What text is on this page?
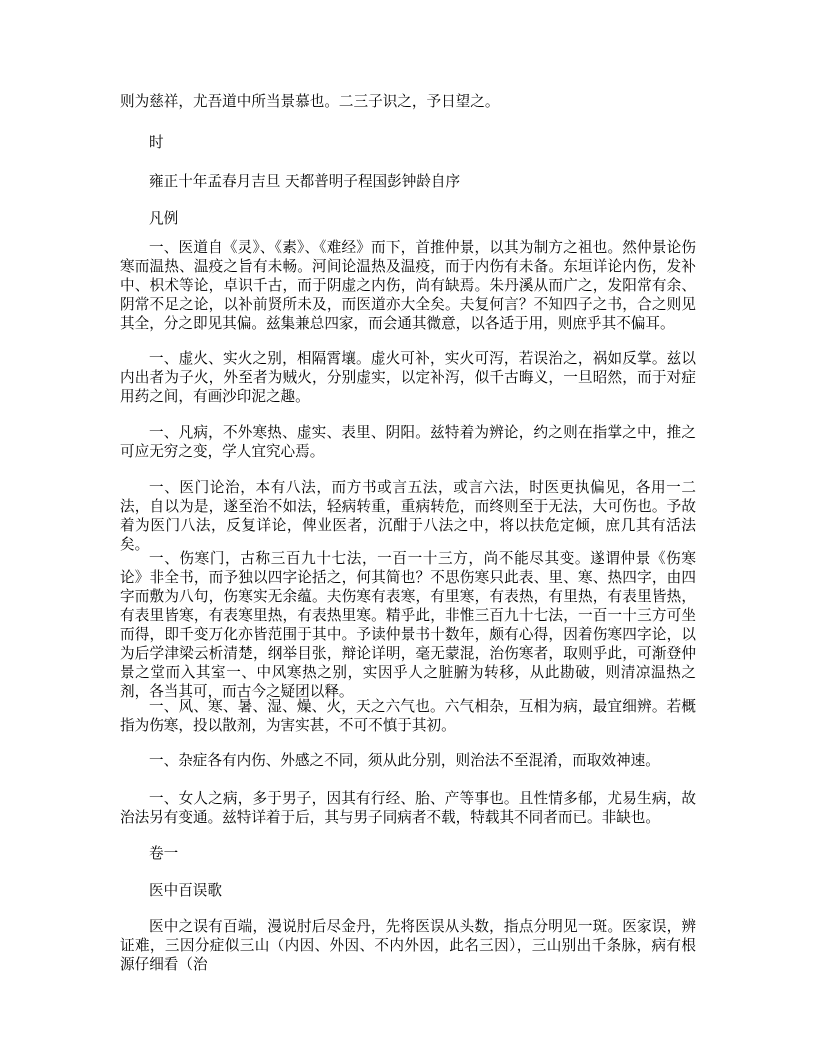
则为慈祥，尤吾道中所当景慕也。二三子识之，予日望之。

时

雍正十年孟春月吉旦 天都普明子程国彭钟龄自序

凡例

一、医道自《灵》、《素》、《难经》而下，首推仲景，以其为制方之祖也。然仲景论伤寒而温热、温疫之旨有未畅。河间论温热及温疫，而于内伤有未备。东垣详论内伤，发补中、枳术等论，卓识千古，而于阴虚之内伤，尚有缺焉。朱丹溪从而广之，发阳常有余、阴常不足之论，以补前贤所未及，而医道亦大全矣。夫复何言？不知四子之书，合之则见其全，分之即见其偏。兹集兼总四家，而会通其微意，以各适于用，则庶乎其不偏耳。

一、虚火、实火之别，相隔霄壤。虚火可补，实火可泻，若误治之，祸如反掌。兹以内出者为子火，外至者为贼火，分别虚实，以定补泻，似千古晦义，一旦昭然，而于对症用药之间，有画沙印泥之趣。

一、凡病，不外寒热、虚实、表里、阴阳。兹特着为辨论，约之则在指掌之中，推之可应无穷之变，学人宜究心焉。

一、医门论治，本有八法，而方书或言五法，或言六法，时医更执偏见，各用一二法，自以为是，遂至治不如法，轻病转重，重病转危，而终则至于无法，大可伤也。予故着为医门八法，反复详论，俾业医者，沉酣于八法之中，将以扶危定倾，庶几其有活法矣。

一、伤寒门，古称三百九十七法，一百一十三方，尚不能尽其变。遂谓仲景《伤寒论》非全书，而予独以四字论括之，何其简也？不思伤寒只此表、里、寒、热四字，由四字而敷为八句，伤寒实无余蕴。夫伤寒有表寒，有里寒，有表热，有里热，有表里皆热，有表里皆寒，有表寒里热，有表热里寒。精乎此，非惟三百九十七法，一百一十三方可坐而得，即千变万化亦皆范围于其中。予读仲景书十数年，颇有心得，因着伤寒四字论，以为后学津梁云析清楚，纲举目张，辩论详明，毫无蒙混，治伤寒者，取则乎此，可渐登仲景之堂而入其室一、中风寒热之别，实因乎人之脏腑为转移，从此勘破，则清凉温热之剂，各当其可，而古今之疑团以释。

一、风、寒、暑、湿、燥、火，天之六气也。六气相杂，互相为病，最宜细辨。若概指为伤寒，投以散剂，为害实甚，不可不慎于其初。

一、杂症各有内伤、外感之不同，须从此分别，则治法不至混淆，而取效神速。

一、女人之病，多于男子，因其有行经、胎、产等事也。且性情多郁，尤易生病，故治法另有变通。兹特详着于后，其与男子同病者不载，特载其不同者而已。非缺也。

卷一

医中百误歌

医中之误有百端，漫说肘后尽金丹，先将医误从头数，指点分明见一斑。医家误，辨证难，三因分症似三山（内因、外因、不内外因，此名三因），三山别出千条脉，病有根源仔细看（治
